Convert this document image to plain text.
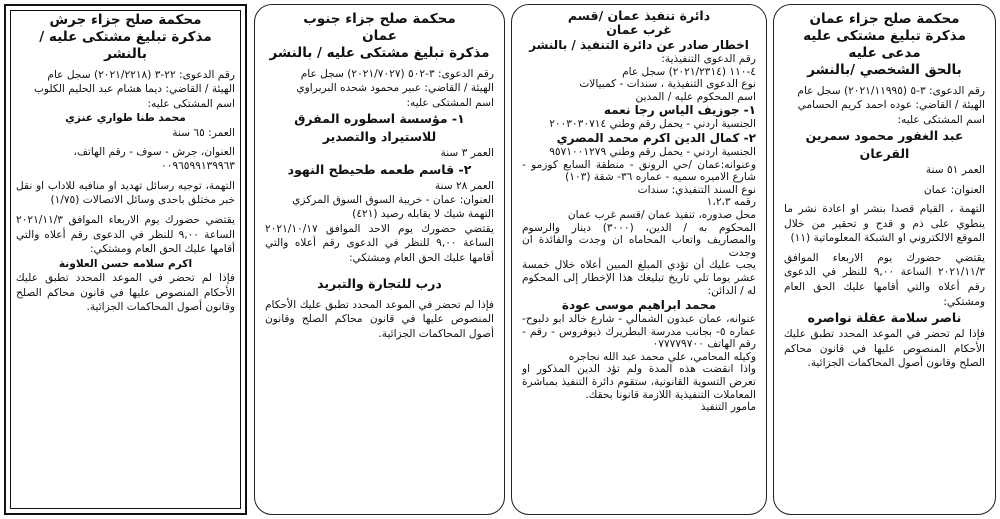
محكمة صلح جزاء عمان
مذكرة تبليغ مشتكى عليه مدعى عليه
بالحق الشخصي /بالنشر
رقم الدعوى: ٣-٥ (٢٠٢١/١١٩٩٥) سجل عام
الهيئة / القاضي: عوده احمد كريم الحسامي
اسم المشتكى عليه:
عبد الغفور محمود سمرين القرعان
العمر ٥١ سنة
العنوان: عمان
التهمة ، القيام قصدا بنشر او اعادة نشر ما ينطوي على ذم و قدح و تحقير من خلال الموقع الالكتروني او الشبكة المعلوماتية (١١)
يقتضي حضورك يوم الاربعاء الموافق ٢٠٢١/١١/٣ الساعة ٩,٠٠ للنظر في الدعوى رقم أعلاه والتي أقامها عليك الحق العام ومشتكي:
ناصر سلامة عقلة نواصره
فإذا لم تحضر في الموعد المحدد تطبق عليك الأحكام المنصوص عليها في قانون محاكم الصلح وقانون أصول المحاكمات الجزائية.
دائرة تنفيذ عمان /قسم
غرب عمان
اخطار صادر عن دائرة التنفيذ / بالنشر
رقم الدعوى التنفيذية:
٤-١١٠ (٢٠٢١/٢٣١٤) سجل عام
نوع الدعوى التنفيذية ، سندات - كمبيالات
اسم المحكوم عليه / المدين
١- جوزيف الياس رجا نعمه
الجنسية اردني - يحمل رقم وطني ٢٠٠٣٠٣٠٧١٤
٢- كمال الدين اكرم محمد المصري
الجنسية اردني - يحمل رقم وطني ٩٥٧١٠٠١٢٧٩
وعنوانه:عمان /حي الرونق - منطقة السابع كوزمو - شارع الاميره سميه - عماره ٣٦- شقة (١٠٣)
نوع السند التنفيذي: سندات
رقمه ١،٢،٣
محل صدوره، تنفيذ عمان /قسم غرب عمان
المحكوم به / الدين، (٣٠٠٠) دينار والرسوم والمصاريف واتعاب المحاماه ان وجدت والفائدة ان وجدت
يجب عليك أن تؤدي المبلغ المبين أعلاه خلال خمسة عشر يوما تلي تاريخ تبليغك هذا الإخطار إلى المحكوم له / الدائن:
محمد ابراهيم موسى عودة
عنوانه، عمان عبدون الشمالي - شارع خالد ابو دلبوح- عماره ٥- بجانب مدرسة البطريرك ذيوفروس - رقم - رقم الهاتف ٠٧٧٧٧٩٧٠٠
وكيله المحامي، علي محمد عبد الله نجاجره
واذا انقضت هذه المدة ولم تؤد الدين المذكور او تعرض التسوية القانونية، ستقوم دائرة التنفيذ بمباشرة المعاملات التنفيذية اللازمة قانونا بحقك.
مأمور التنفيذ
محكمة صلح جزاء جنوب
عمان
مذكرة تبليغ مشتكى عليه / بالنشر
رقم الدعوى: ٣-٥٠٢ (٢٠٢١/٧٠٢٧) سجل عام
الهيئة / القاضي: عبير محمود شحده البربراوي
اسم المشتكى عليه:
١- مؤسسة اسطوره المفرق للاستيراد والتصدير
العمر ٣ سنة
٢- قاسم طعمه طحيطح النهود
العمر ٢٨ سنة
العنوان: عمان - خريبة السوق السوق المركزي
التهمة شيك لا يقابله رصيد (٤٢١)
يقتضي حضورك يوم الاحد الموافق ٢٠٢١/١٠/١٧ الساعة ٩,٠٠ للنظر في الدعوى رقم أعلاه والتي أقامها عليك الحق العام ومشتكي:
درب للتجارة والتبريد
فإذا لم تحضر في الموعد المحدد تطبق عليك الأحكام المنصوص عليها في قانون محاكم الصلح وقانون أصول المحاكمات الجزائية.
محكمة صلح جزاء جرش
مذكرة تبليغ مشتكى عليه /
بالنشر
رقم الدعوى: ٢٢-٣ (٢٠٢١/٢٢١٨) سجل عام
الهيئة / القاضي: ديما هشام عبد الحليم الكلوب
اسم المشتكى عليه:
محمد طنا طواري عنزي
العمر: ٦٥ سنة
العنوان، جرش - سوف - رقم الهاتف،
٠٠٩٦٥٩٩١٣٩٩٦٣
التهمة، توجيه رسائل تهديد او منافيه للاداب او نقل خبر مختلق باحدى وسائل الاتصالات (١/٧٥)
يقتضي حضورك يوم الاربعاء الموافق ٢٠٢١/١١/٣ الساعة ٩,٠٠ للنظر في الدعوى رقم أعلاه والتي أقامها عليك الحق العام ومشتكي:
اكرم سلامه حسن العلاونة
فإذا لم تحضر في الموعد المحدد تطبق عليك الأحكام المنصوص عليها في قانون محاكم الصلح وقانون أصول المحاكمات الجزائية.
